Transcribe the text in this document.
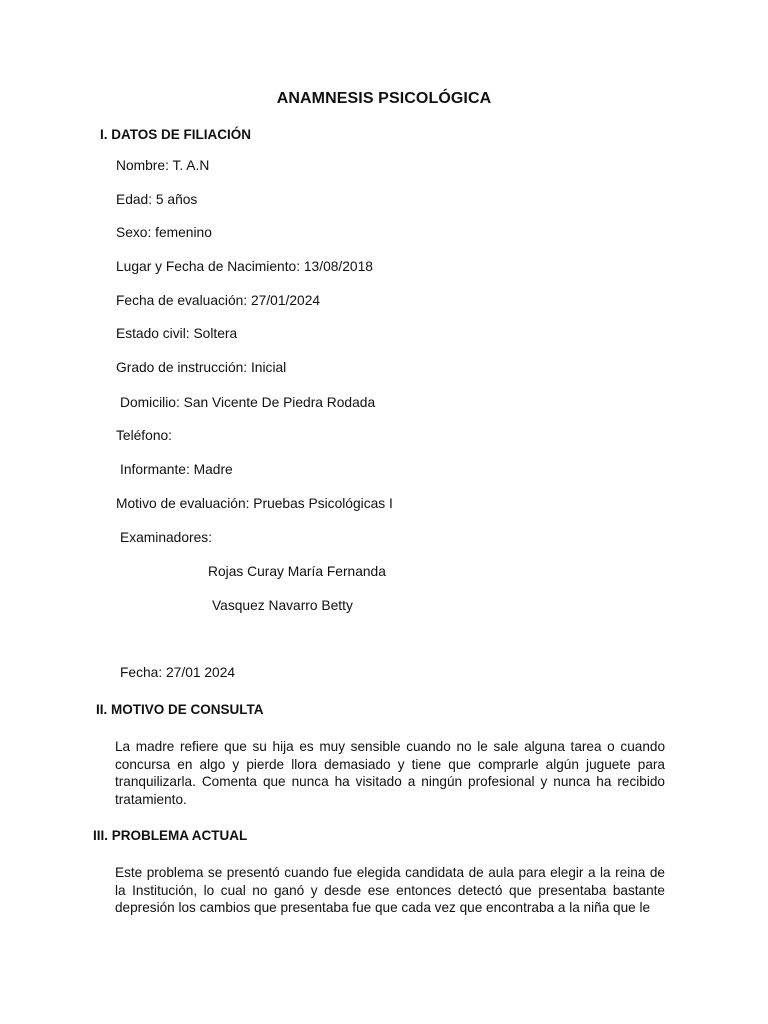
ANAMNESIS PSICOLÓGICA
I. DATOS DE FILIACIÓN
Nombre: T. A.N
Edad: 5 años
Sexo: femenino
Lugar y Fecha de Nacimiento: 13/08/2018
Fecha de evaluación: 27/01/2024
Estado civil: Soltera
Grado de instrucción: Inicial
Domicilio: San Vicente De Piedra Rodada
Teléfono:
Informante: Madre
Motivo de evaluación: Pruebas Psicológicas I
Examinadores:
Rojas Curay María Fernanda
Vasquez Navarro Betty
Fecha: 27/01 2024
II. MOTIVO DE CONSULTA
La madre refiere que su hija es muy sensible cuando no le sale alguna tarea o cuando concursa en algo y pierde llora demasiado y tiene que comprarle algún juguete para tranquilizarla. Comenta que nunca ha visitado a ningún profesional y nunca ha recibido tratamiento.
III. PROBLEMA ACTUAL
Este problema se presentó cuando fue elegida candidata de aula para elegir a la reina de la Institución, lo cual no ganó y desde ese entonces detectó que presentaba bastante depresión los cambios que presentaba fue que cada vez que encontraba a la niña que le
